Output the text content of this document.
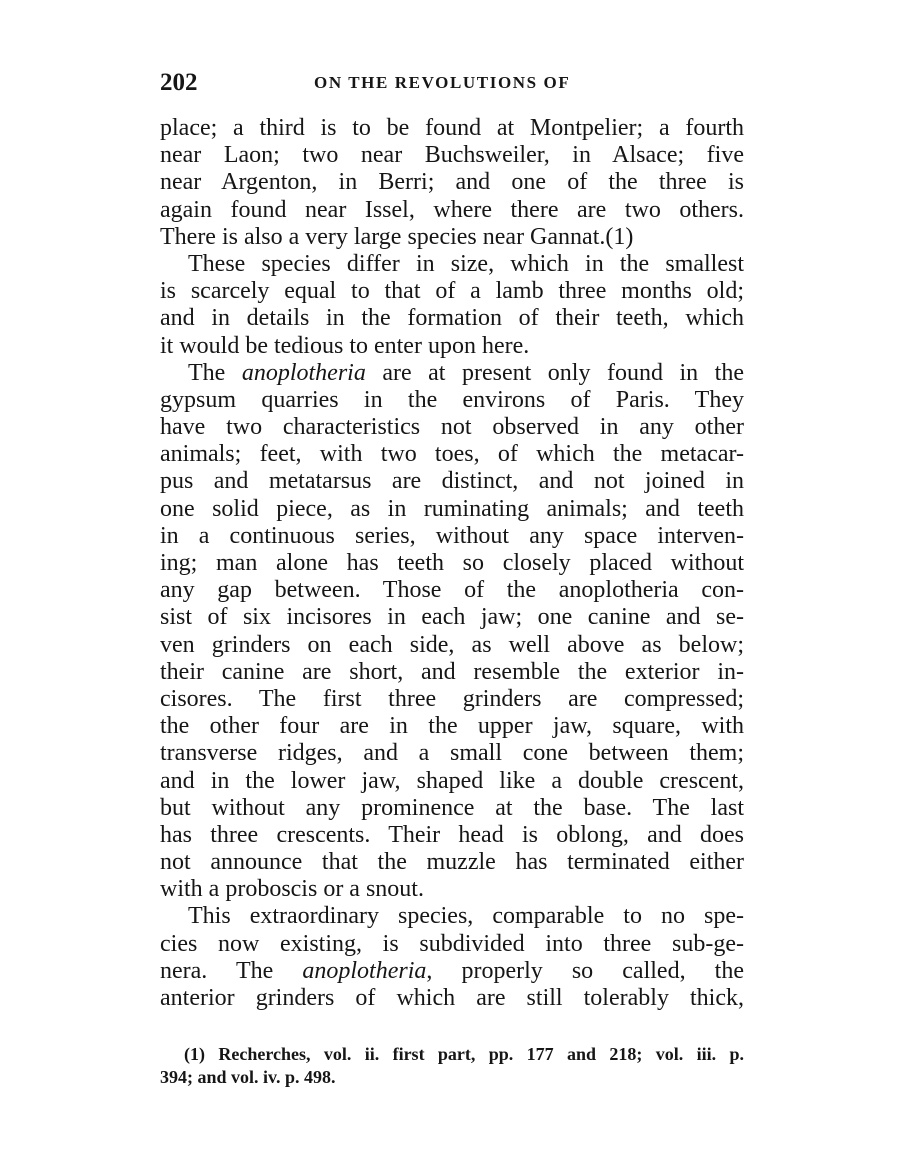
202	ON THE REVOLUTIONS OF
place; a third is to be found at Montpelier; a fourth
near Laon; two near Buchsweiler, in Alsace; five
near Argenton, in Berri; and one of the three is
again found near Issel, where there are two others.
There is also a very large species near Gannat.(1)
These species differ in size, which in the smallest
is scarcely equal to that of a lamb three months old;
and in details in the formation of their teeth, which
it would be tedious to enter upon here.
The anoplotheria are at present only found in the
gypsum quarries in the environs of Paris. They
have two characteristics not observed in any other
animals; feet, with two toes, of which the metacar-
pus and metatarsus are distinct, and not joined in
one solid piece, as in ruminating animals; and teeth
in a continuous series, without any space interven-
ing; man alone has teeth so closely placed without
any gap between. Those of the anoplotheria con-
sist of six incisores in each jaw; one canine and se-
ven grinders on each side, as well above as below;
their canine are short, and resemble the exterior in-
cisores. The first three grinders are compressed;
the other four are in the upper jaw, square, with
transverse ridges, and a small cone between them;
and in the lower jaw, shaped like a double crescent,
but without any prominence at the base. The last
has three crescents. Their head is oblong, and does
not announce that the muzzle has terminated either
with a proboscis or a snout.
This extraordinary species, comparable to no spe-
cies now existing, is subdivided into three sub-ge-
nera. The anoplotheria, properly so called, the
anterior grinders of which are still tolerably thick,
(1) Recherches, vol. ii. first part, pp. 177 and 218; vol. iii. p.
394; and vol. iv. p. 498.
